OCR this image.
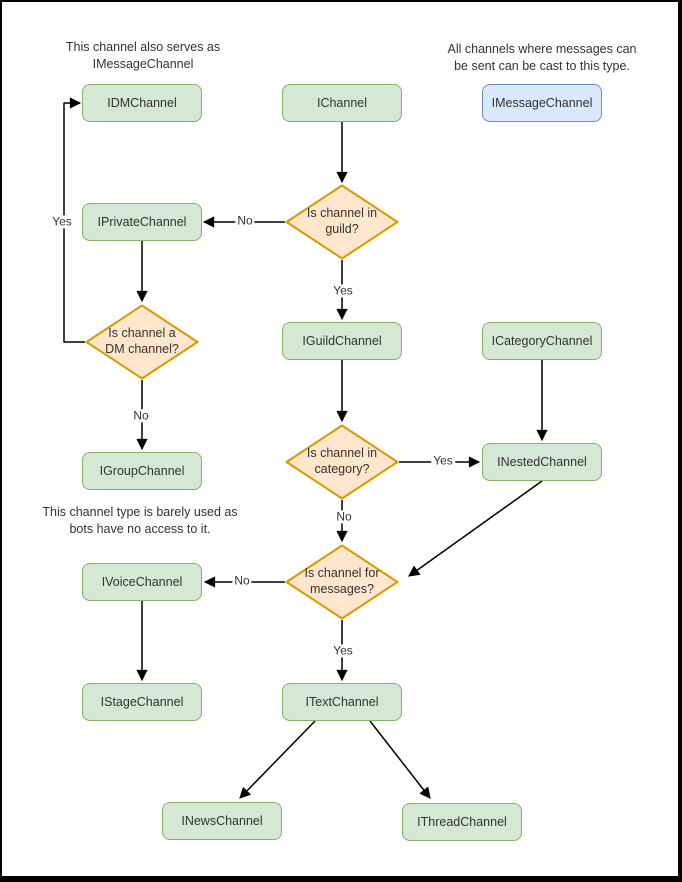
This channel also serves as
IMessageChannel
All channels where messages can
be sent can be cast to this type.
This channel type is barely used as
bots have no access to it.
IDMChannel	IChannel	IMessageChannel
IPrivateChannel
IGuildChannel	ICategoryChannel
IGroupChannel
INestedChannel
IVoiceChannel
ITextChannel
IStageChannel
INewsChannel	IThreadChannel
Is channel in guild?
Is channel a DM channel?
Is channel in category?
Is channel for messages?
No
Yes
Yes
No
Yes
No
No
Yes
